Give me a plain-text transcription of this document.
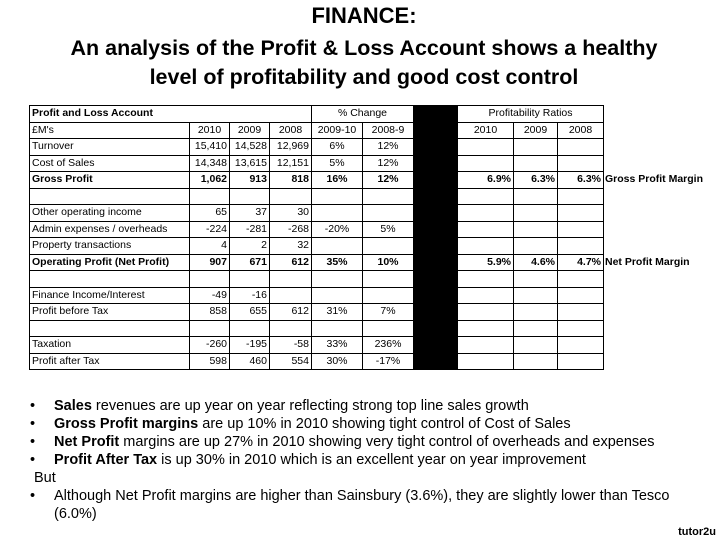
FINANCE:
An analysis of the Profit & Loss Account shows a healthy
level of profitability and good cost control
Profit and Loss Account				% Change			Profitability Ratios			
£M's	2010	2009	2008	2009-10	2008-9		2010	2009	2008	
Turnover	15,410	14,528	12,969	6%	12%					
Cost of Sales	14,348	13,615	12,151	5%	12%					
Gross Profit	1,062	913	818	16%	12%		6.9%	6.3%	6.3%	Gross Profit Margin

Other operating income	65	37	30							
Admin expenses / overheads	-224	-281	-268	-20%	5%					
Property transactions	4	2	32							
Operating Profit (Net Profit)	907	671	612	35%	10%		5.9%	4.6%	4.7%	Net Profit Margin

Finance Income/Interest	-49	-16								
Profit before Tax	858	655	612	31%	7%					

Taxation	-260	-195	-58	33%	236%					
Profit after Tax	598	460	554	30%	-17%					
• Sales revenues are up year on year reflecting strong top line sales growth
• Gross Profit margins are up 10% in 2010 showing tight control of Cost of Sales
• Net Profit margins are up 27% in 2010 showing very tight control of overheads and expenses
• Profit After Tax is up 30% in 2010 which is an excellent year on year improvement
But
• Although Net Profit margins are higher than Sainsbury (3.6%), they are slightly lower than Tesco (6.0%)
tutor2u
